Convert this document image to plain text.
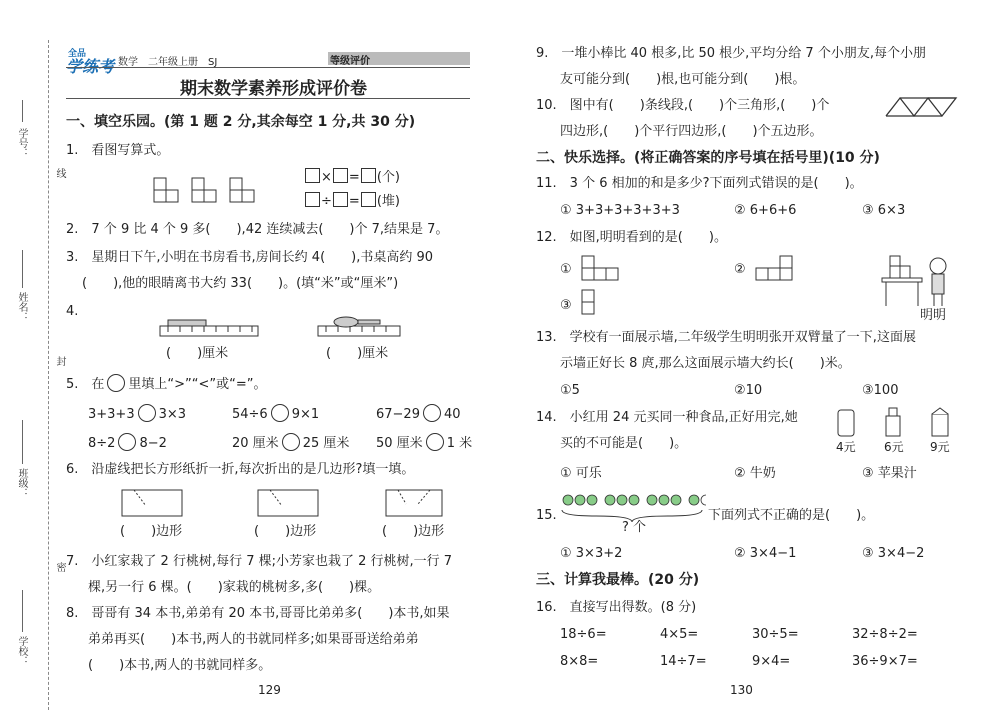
学号：
线
姓名：
封
班级：
密
学校：
全品
学练考 数学　二年级上册　SJ	等级评价
期末数学素养形成评价卷
一、填空乐园。(第 1 题 2 分,其余每空 1 分,共 30 分)
1.　看图写算式。
× = (个)
÷ = (堆)
2.　7 个 9 比 4 个 9 多(　　),42 连续减去(　　)个 7,结果是 7。
3.　星期日下午,小明在书房看书,房间长约 4(　　),书桌高约 90
(　　),他的眼睛离书大约 33(　　)。(填“米”或“厘米”)
4.
(　　)厘米	(　　)厘米
5.　在 里填上“>”“<”或“=”。
3+3+3 3×3	54÷6 9×1	67−29 40
8÷2 8−2	20 厘米 25 厘米 50 厘米 1 米
6.　沿虚线把长方形纸折一折,每次折出的是几边形?填一填。
(　　)边形	(　　)边形	(　　)边形
7.　小红家栽了 2 行桃树,每行 7 棵;小芳家也栽了 2 行桃树,一行 7
棵,另一行 6 棵。(　　)家栽的桃树多,多(　　)棵。
8.　哥哥有 34 本书,弟弟有 20 本书,哥哥比弟弟多(　　)本书,如果
弟弟再买(　　)本书,两人的书就同样多;如果哥哥送给弟弟
(　　)本书,两人的书就同样多。
129
9.　一堆小棒比 40 根多,比 50 根少,平均分给 7 个小朋友,每个小朋
友可能分到(　　)根,也可能分到(　　)根。
10.　图中有(　　)条线段,(　　)个三角形,(　　)个
四边形,(　　)个平行四边形,(　　)个五边形。
二、快乐选择。(将正确答案的序号填在括号里)(10 分)
11.　3 个 6 相加的和是多少?下面列式错误的是(　　)。
① 3+3+3+3+3+3	② 6+6+6	③ 6×3
12.　如图,明明看到的是(　　)。
①	②
③
明明
13.　学校有一面展示墙,二年级学生明明张开双臂量了一下,这面展
示墙正好长 8 庹,那么这面展示墙大约长(　　)米。
①5	②10	③100
14.　小红用 24 元买同一种食品,正好用完,她
买的不可能是(　　)。	4元 6元 9元
① 可乐	② 牛奶	③ 苹果汁
15.
? 个
下面列式不正确的是(　　)。
① 3×3+2	② 3×4−1	③ 3×4−2
三、计算我最棒。(20 分)
16.　直接写出得数。(8 分)
18÷6=	4×5=	30÷5=	32÷8÷2=
8×8=	14÷7=	9×4=	36÷9×7=
130
